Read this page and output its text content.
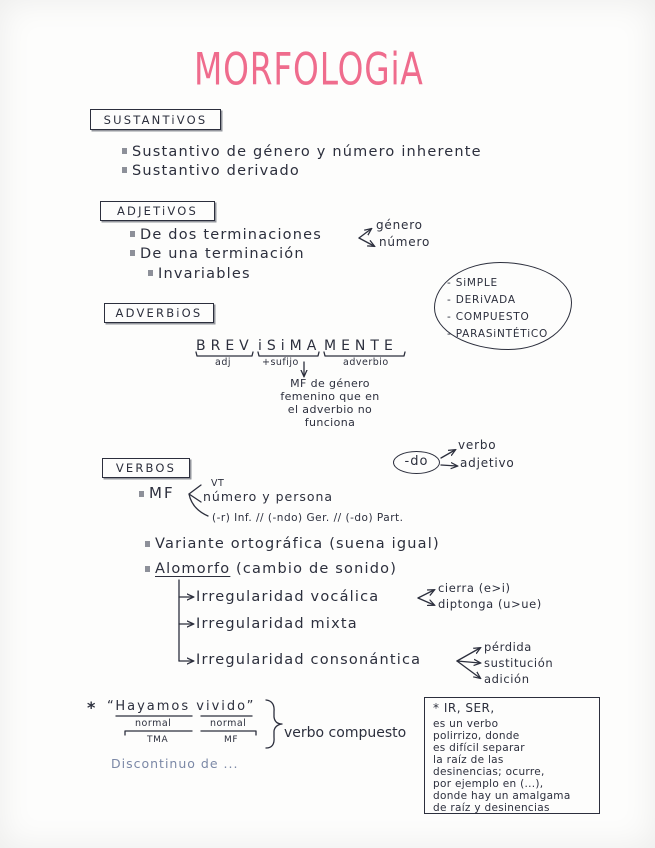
MORFOLOGiA
SUSTANTiVOS
Sustantivo de género y número inherente
Sustantivo derivado
ADJETiVOS
De dos terminaciones
género
número
De una terminación
Invariables
- SiMPLE
- DERiVADA
- COMPUESTO
- PARASiNTÉTiCO
ADVERBiOS
BREV iSiMA MENTE
adj	+sufijo	adverbio
MF de género
femenino que en
el adverbio no
funciona
VERBOS	-do
verbo
adjetivo
MF
VT
número y persona
(-r) Inf. // (-ndo) Ger. // (-do) Part.
Variante ortográfica (suena igual)
Alomorfo (cambio de sonido)
Irregularidad vocálica
cierra (e>i)
diptonga (u>ue)
Irregularidad mixta
Irregularidad consonántica
pérdida
sustitución
adición
* “Hayamos vivido”
normal	normal
TMA	MF	verbo compuesto
Discontinuo de ...
* IR, SER,
es un verbo
polirrizo, donde
es difícil separar
la raíz de las
desinencias; ocurre,
por ejemplo en (...),
donde hay un amalgama
de raíz y desinencias
